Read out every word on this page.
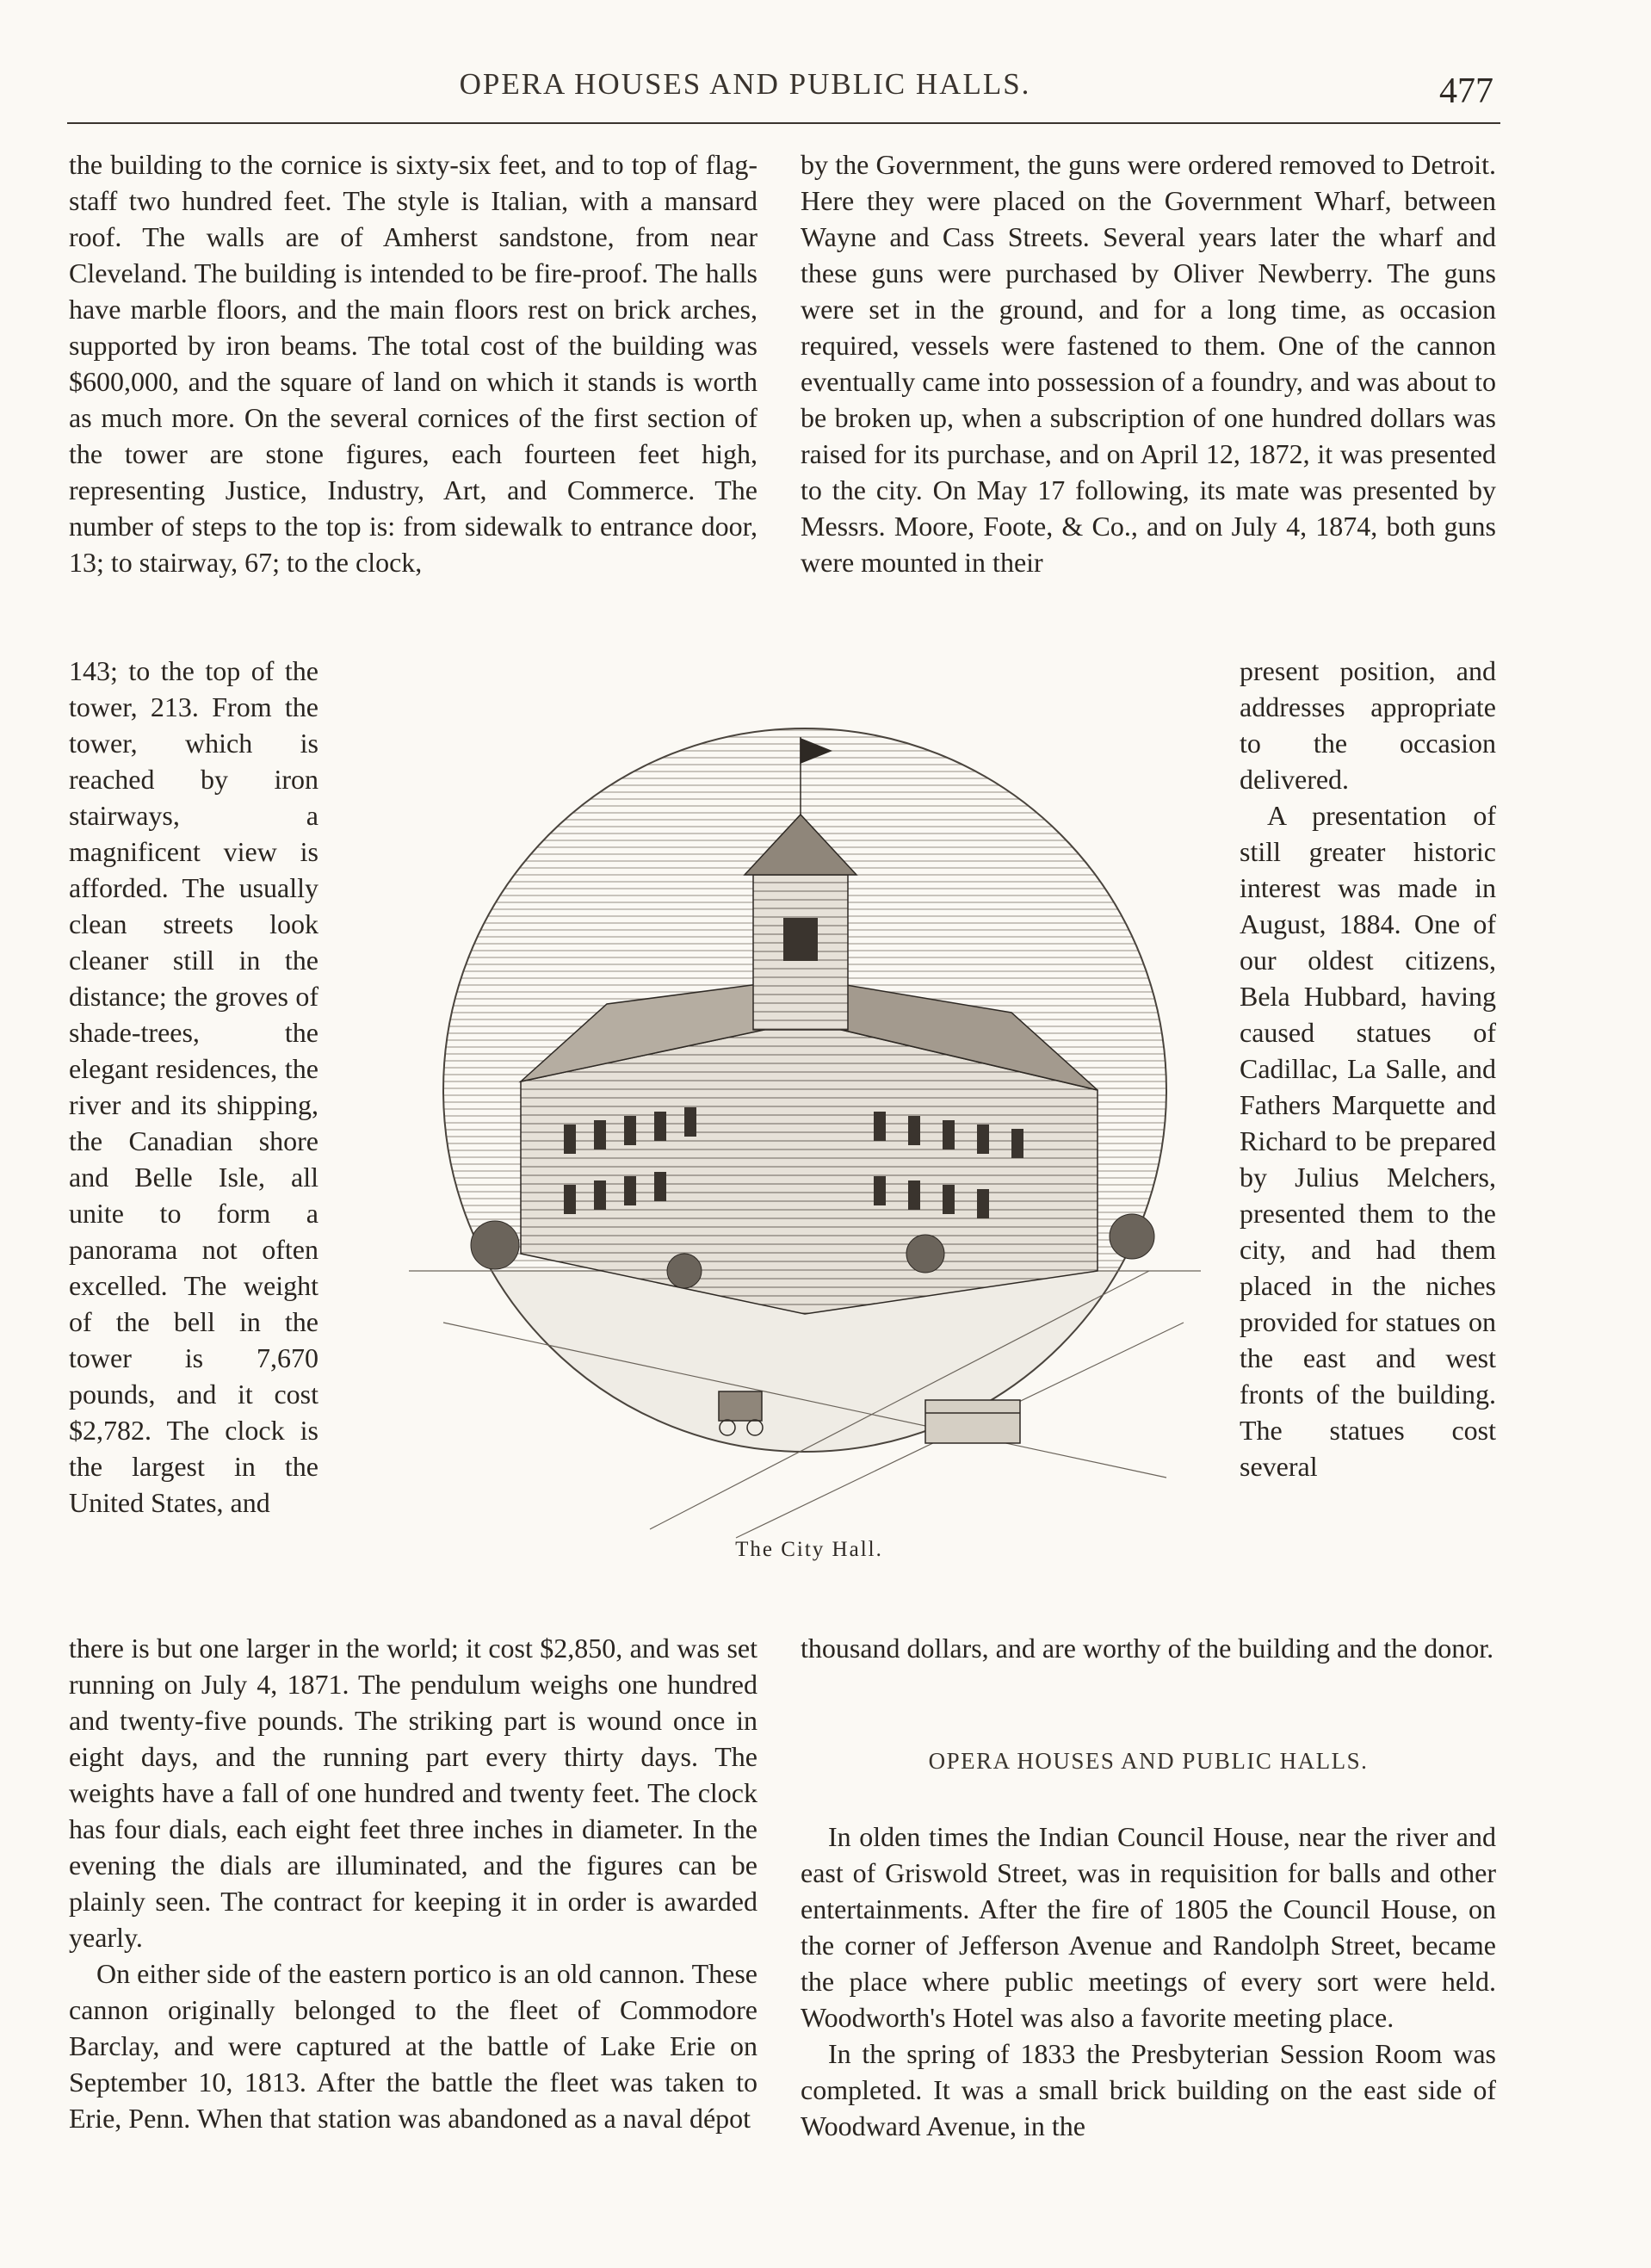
OPERA HOUSES AND PUBLIC HALLS.	477

the building to the cornice is sixty-six feet, and to top of flag-staff two hundred feet. The style is Italian, with a mansard roof. The walls are of Amherst sandstone, from near Cleveland. The building is intended to be fire-proof. The halls have marble floors, and the main floors rest on brick arches, supported by iron beams. The total cost of the building was $600,000, and the square of land on which it stands is worth as much more. On the several cornices of the first section of the tower are stone figures, each fourteen feet high, representing Justice, Industry, Art, and Commerce. The number of steps to the top is: from sidewalk to entrance door, 13; to stairway, 67; to the clock,

143; to the top of the tower, 213. From the tower, which is reached by iron stairways, a magnificent view is afforded. The usually clean streets look cleaner still in the distance; the groves of shade-trees, the elegant residences, the river and its shipping, the Canadian shore and Belle Isle, all unite to form a panorama not often excelled. The weight of the bell in the tower is 7,670 pounds, and it cost $2,782. The clock is the largest in the United States, and

there is but one larger in the world; it cost $2,850, and was set running on July 4, 1871. The pendulum weighs one hundred and twenty-five pounds. The striking part is wound once in eight days, and the running part every thirty days. The weights have a fall of one hundred and twenty feet. The clock has four dials, each eight feet three inches in diameter. In the evening the dials are illuminated, and the figures can be plainly seen. The contract for keeping it in order is awarded yearly.

On either side of the eastern portico is an old cannon. These cannon originally belonged to the fleet of Commodore Barclay, and were captured at the battle of Lake Erie on September 10, 1813. After the battle the fleet was taken to Erie, Penn. When that station was abandoned as a naval dépot

by the Government, the guns were ordered removed to Detroit. Here they were placed on the Government Wharf, between Wayne and Cass Streets. Several years later the wharf and these guns were purchased by Oliver Newberry. The guns were set in the ground, and for a long time, as occasion required, vessels were fastened to them. One of the cannon eventually came into possession of a foundry, and was about to be broken up, when a subscription of one hundred dollars was raised for its purchase, and on April 12, 1872, it was presented to the city. On May 17 following, its mate was presented by Messrs. Moore, Foote, & Co., and on July 4, 1874, both guns were mounted in their

present position, and addresses appropriate to the occasion delivered.

A presentation of still greater historic interest was made in August, 1884. One of our oldest citizens, Bela Hubbard, having caused statues of Cadillac, La Salle, and Fathers Marquette and Richard to be prepared by Julius Melchers, presented them to the city, and had them placed in the niches provided for statues on the east and west fronts of the building. The statues cost several

thousand dollars, and are worthy of the building and the donor.

OPERA HOUSES AND PUBLIC HALLS.

In olden times the Indian Council House, near the river and east of Griswold Street, was in requisition for balls and other entertainments. After the fire of 1805 the Council House, on the corner of Jefferson Avenue and Randolph Street, became the place where public meetings of every sort were held. Woodworth's Hotel was also a favorite meeting place.

In the spring of 1833 the Presbyterian Session Room was completed. It was a small brick building on the east side of Woodward Avenue, in the

The City Hall.
